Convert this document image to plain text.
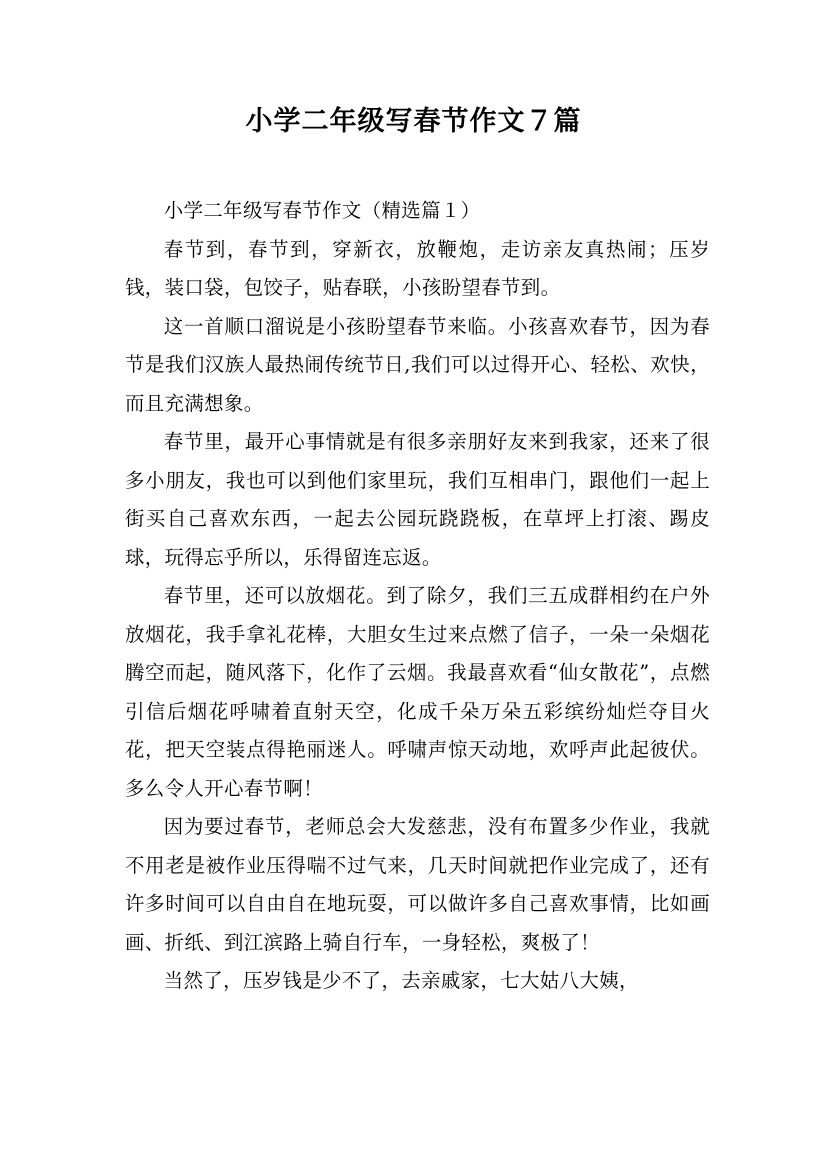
小学二年级写春节作文７篇

小学二年级写春节作文（精选篇１）

春节到，春节到，穿新衣，放鞭炮，走访亲友真热闹；压岁钱，装口袋，包饺子，贴春联，小孩盼望春节到。

这一首顺口溜说是小孩盼望春节来临。小孩喜欢春节，因为春节是我们汉族人最热闹传统节日,我们可以过得开心、轻松、欢快，而且充满想象。

春节里，最开心事情就是有很多亲朋好友来到我家，还来了很多小朋友，我也可以到他们家里玩，我们互相串门，跟他们一起上街买自己喜欢东西，一起去公园玩跷跷板，在草坪上打滚、踢皮球，玩得忘乎所以，乐得留连忘返。

春节里，还可以放烟花。到了除夕，我们三五成群相约在户外放烟花，我手拿礼花棒，大胆女生过来点燃了信子，一朵一朵烟花腾空而起，随风落下，化作了云烟。我最喜欢看“仙女散花”，点燃引信后烟花呼啸着直射天空，化成千朵万朵五彩缤纷灿烂夺目火花，把天空装点得艳丽迷人。呼啸声惊天动地，欢呼声此起彼伏。多么令人开心春节啊！

因为要过春节，老师总会大发慈悲，没有布置多少作业，我就不用老是被作业压得喘不过气来，几天时间就把作业完成了，还有许多时间可以自由自在地玩耍，可以做许多自己喜欢事情，比如画画、折纸、到江滨路上骑自行车，一身轻松，爽极了！

当然了，压岁钱是少不了，去亲戚家，七大姑八大姨，
